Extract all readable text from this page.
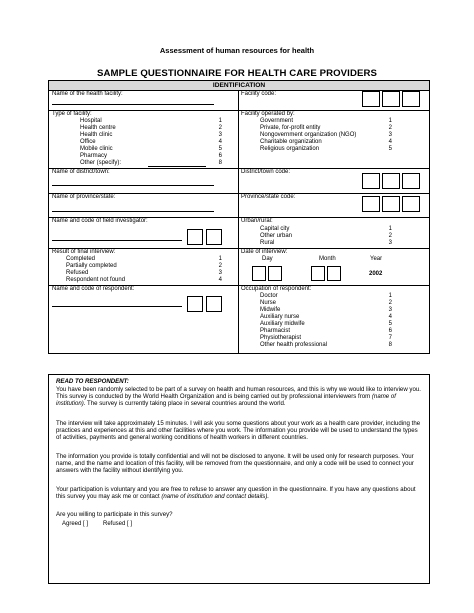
Assessment of human resources for health
SAMPLE QUESTIONNAIRE FOR HEALTH CARE PROVIDERS
IDENTIFICATION
Name of the health facility:	Facility code:
Type of facility:
Hospital	1
Health centre	2
Health clinic	3
Office	4
Mobile clinic	5
Pharmacy	6
Other (specify):	8
Facility operated by:
Government	1
Private, for-profit entity	2
Nongovernment organization (NGO)	3
Charitable organization	4
Religious organization	5
Name of district/town:	District/town code:
Name of province/state:	Province/state code:
Name and code of field investigator:	Urban/rural:
Capital city	1
Other urban	2
Rural	3
Result of final interview:
Completed	1
Partially completed	2
Refused	3
Respondent not found	4
Date of interview:
Day	Month	Year
2002
Name and code of respondent:	Occupation of respondent:
Doctor	1
Nurse	2
Midwife	3
Auxiliary nurse	4
Auxiliary midwife	5
Pharmacist	6
Physiotherapist	7
Other health professional	8
READ TO RESPONDENT:
You have been randomly selected to be part of a survey on health and human resources, and this is why we would like to interview you. This survey is conducted by the World Health Organization and is being carried out by professional interviewers from (name of institution). The survey is currently taking place in several countries around the world.
The interview will take approximately 15 minutes. I will ask you some questions about your work as a health care provider, including the practices and experiences at this and other facilities where you work. The information you provide will be used to understand the types of activities, payments and general working conditions of health workers in different countries.
The information you provide is totally confidential and will not be disclosed to anyone. It will be used only for research purposes. Your name, and the name and location of this facility, will be removed from the questionnaire, and only a code will be used to connect your answers with the facility without identifying you.
Your participation is voluntary and you are free to refuse to answer any question in the questionnaire. If you have any questions about this survey you may ask me or contact (name of institution and contact details).
Are you willing to participate in this survey?
Agreed [ ] Refused [ ]
